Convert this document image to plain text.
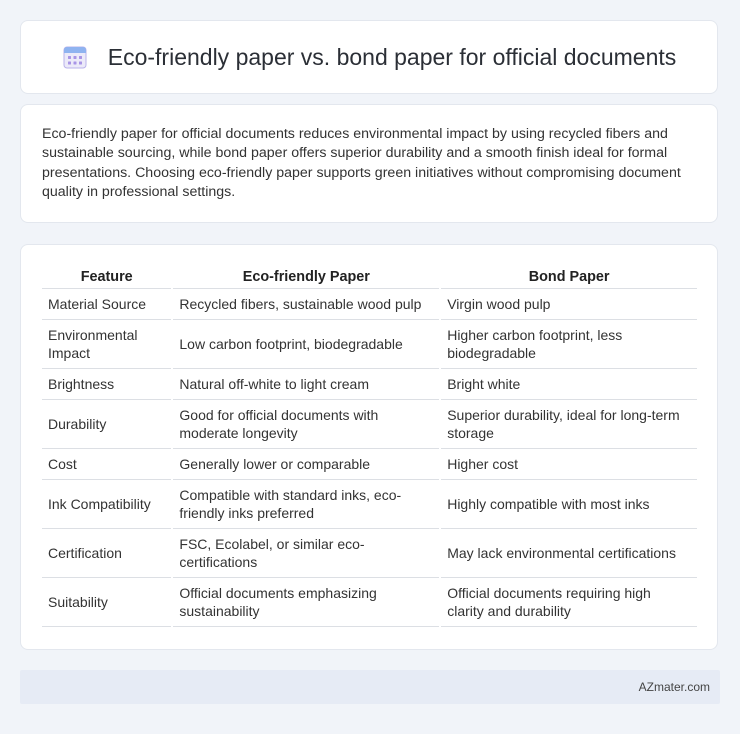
Eco-friendly paper vs. bond paper for official documents

Eco-friendly paper for official documents reduces environmental impact by using recycled fibers and sustainable sourcing, while bond paper offers superior durability and a smooth finish ideal for formal presentations. Choosing eco-friendly paper supports green initiatives without compromising document quality in professional settings.

Feature	Eco-friendly Paper	Bond Paper
Material Source	Recycled fibers, sustainable wood pulp	Virgin wood pulp
Environmental Impact	Low carbon footprint, biodegradable	Higher carbon footprint, less biodegradable
Brightness	Natural off-white to light cream	Bright white
Durability	Good for official documents with moderate longevity	Superior durability, ideal for long-term storage
Cost	Generally lower or comparable	Higher cost
Ink Compatibility	Compatible with standard inks, eco-friendly inks preferred	Highly compatible with most inks
Certification	FSC, Ecolabel, or similar eco-certifications	May lack environmental certifications
Suitability	Official documents emphasizing sustainability	Official documents requiring high clarity and durability
AZmater.com
